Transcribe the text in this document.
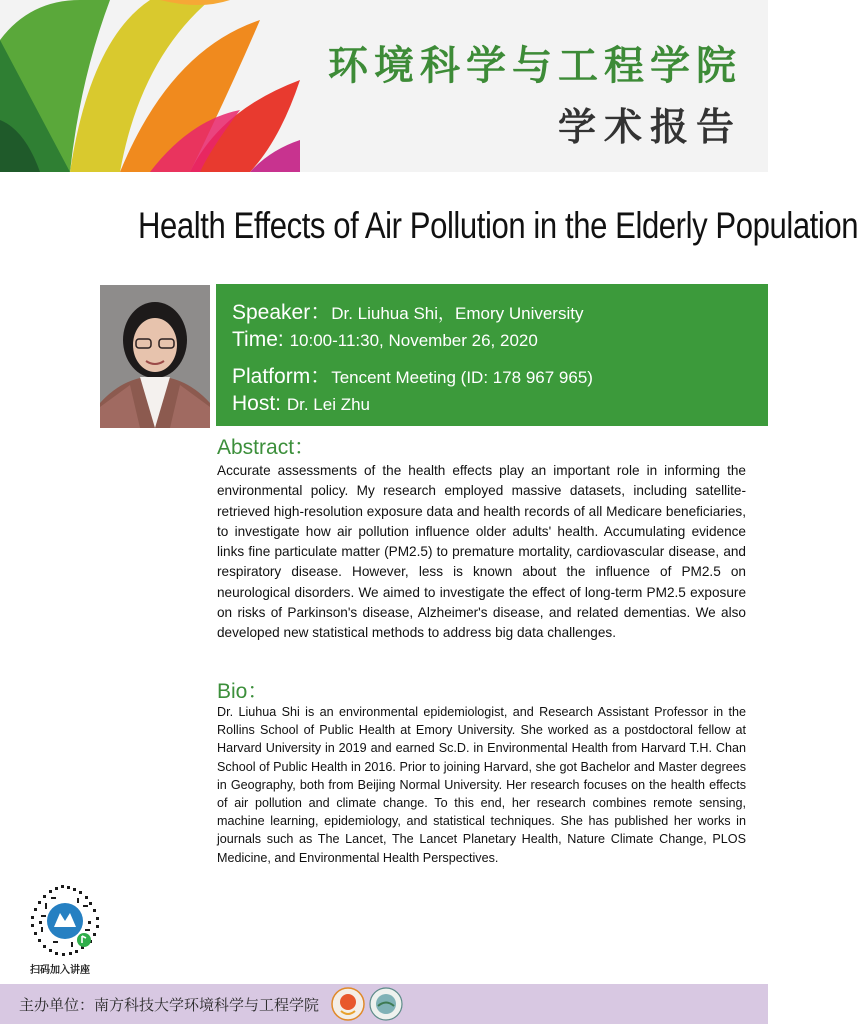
环境科学与工程学院
学术报告
Health Effects of Air Pollution in the Elderly Population
Speaker：Dr. Liuhua Shi，Emory University
Time: 10:00-11:30, November 26, 2020
Platform：Tencent Meeting (ID: 178 967 965)
Host: Dr. Lei Zhu
Abstract：
Accurate assessments of the health effects play an important role in informing the environmental policy. My research employed massive datasets, including satellite-retrieved high-resolution exposure data and health records of all Medicare beneficiaries, to investigate how air pollution influence older adults' health. Accumulating evidence links fine particulate matter (PM2.5) to premature mortality, cardiovascular disease, and respiratory disease. However, less is known about the influence of PM2.5 on neurological disorders. We aimed to investigate the effect of long-term PM2.5 exposure on risks of Parkinson's disease, Alzheimer's disease, and related dementias. We also developed new statistical methods to address big data challenges.
Bio：
Dr. Liuhua Shi is an environmental epidemiologist, and Research Assistant Professor in the Rollins School of Public Health at Emory University. She worked as a postdoctoral fellow at Harvard University in 2019 and earned Sc.D. in Environmental Health from Harvard T.H. Chan School of Public Health in 2016. Prior to joining Harvard, she got Bachelor and Master degrees in Geography, both from Beijing Normal University. Her research focuses on the health effects of air pollution and climate change. To this end, her research combines remote sensing, machine learning, epidemiology, and statistical techniques. She has published her works in journals such as The Lancet, The Lancet Planetary Health, Nature Climate Change, PLOS Medicine, and Environmental Health Perspectives.
扫码加入讲座
主办单位：南方科技大学环境科学与工程学院
